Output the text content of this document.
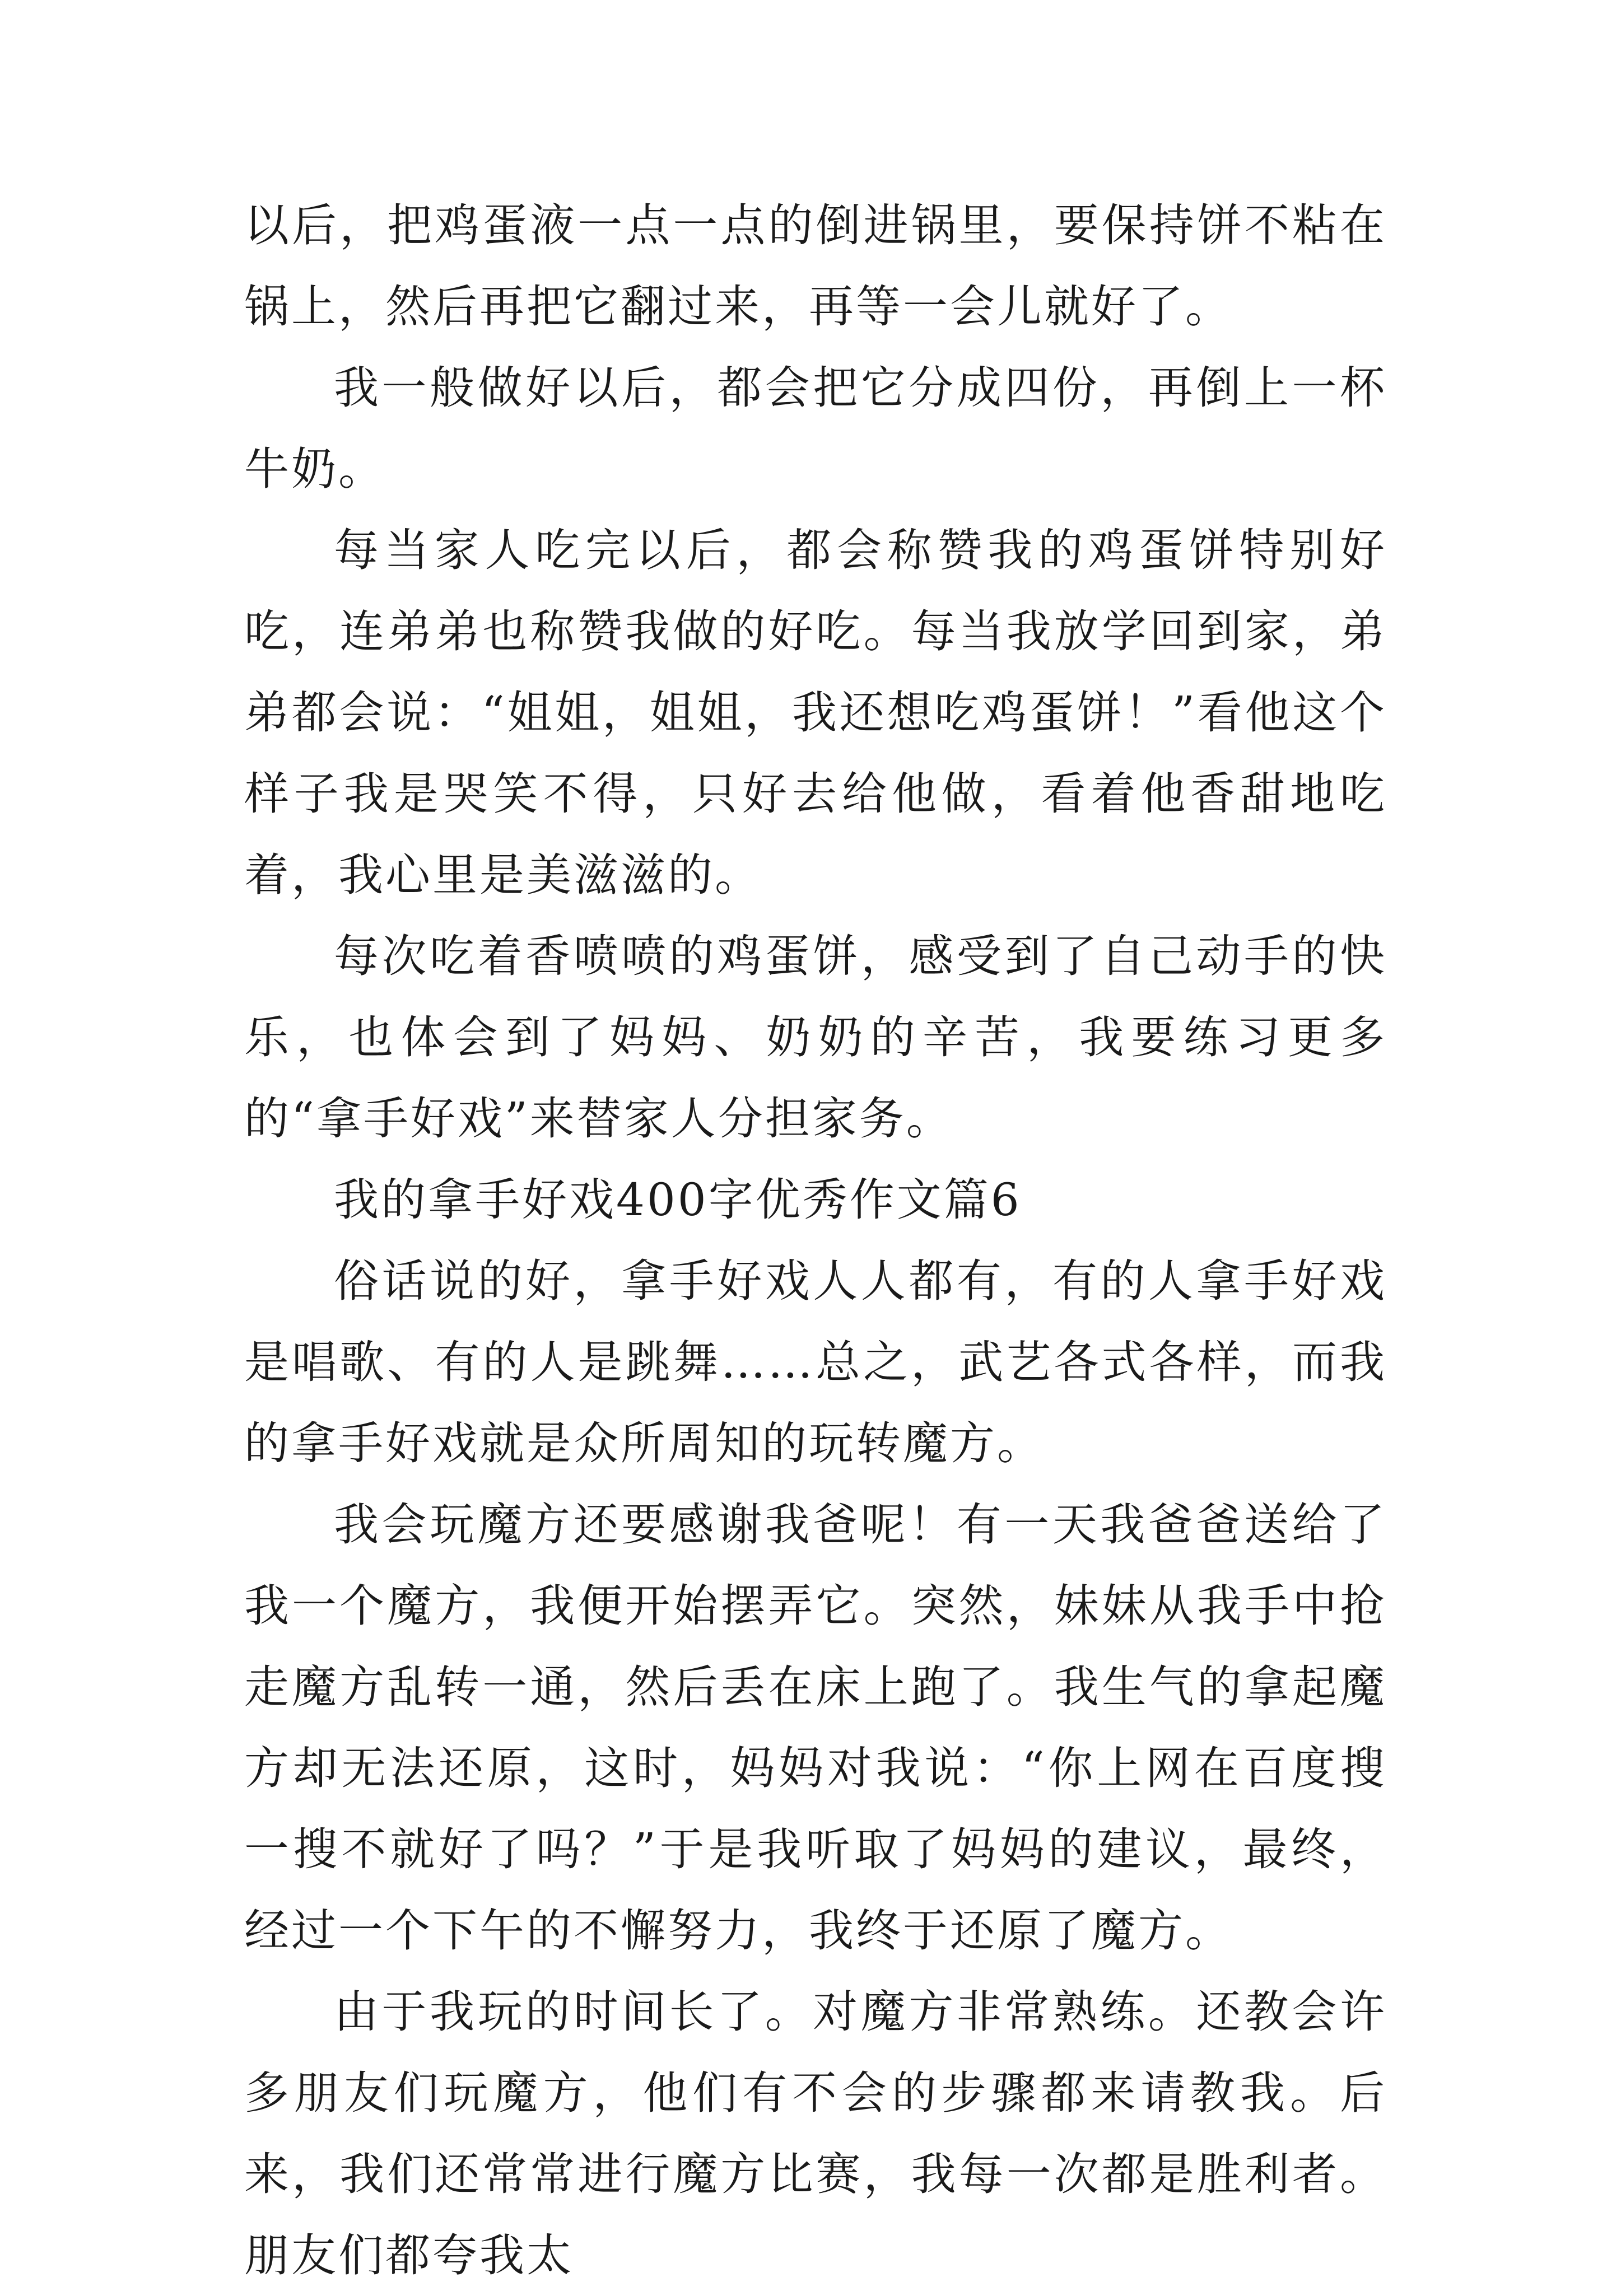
以后，把鸡蛋液一点一点的倒进锅里，要保持饼不粘在锅上，然后再把它翻过来，再等一会儿就好了。

我一般做好以后，都会把它分成四份，再倒上一杯牛奶。

每当家人吃完以后，都会称赞我的鸡蛋饼特别好吃，连弟弟也称赞我做的好吃。每当我放学回到家，弟弟都会说：“姐姐，姐姐，我还想吃鸡蛋饼！”看他这个样子我是哭笑不得，只好去给他做，看着他香甜地吃着，我心里是美滋滋的。

每次吃着香喷喷的鸡蛋饼，感受到了自己动手的快乐，也体会到了妈妈、奶奶的辛苦，我要练习更多的“拿手好戏”来替家人分担家务。

我的拿手好戏400字优秀作文篇6

俗话说的好，拿手好戏人人都有，有的人拿手好戏是唱歌、有的人是跳舞……总之，武艺各式各样，而我的拿手好戏就是众所周知的玩转魔方。

我会玩魔方还要感谢我爸呢！有一天我爸爸送给了我一个魔方，我便开始摆弄它。突然，妹妹从我手中抢走魔方乱转一通，然后丢在床上跑了。我生气的拿起魔方却无法还原，这时，妈妈对我说：“你上网在百度搜一搜不就好了吗？”于是我听取了妈妈的建议，最终，经过一个下午的不懈努力，我终于还原了魔方。

由于我玩的时间长了。对魔方非常熟练。还教会许多朋友们玩魔方，他们有不会的步骤都来请教我。后来，我们还常常进行魔方比赛，我每一次都是胜利者。朋友们都夸我太
